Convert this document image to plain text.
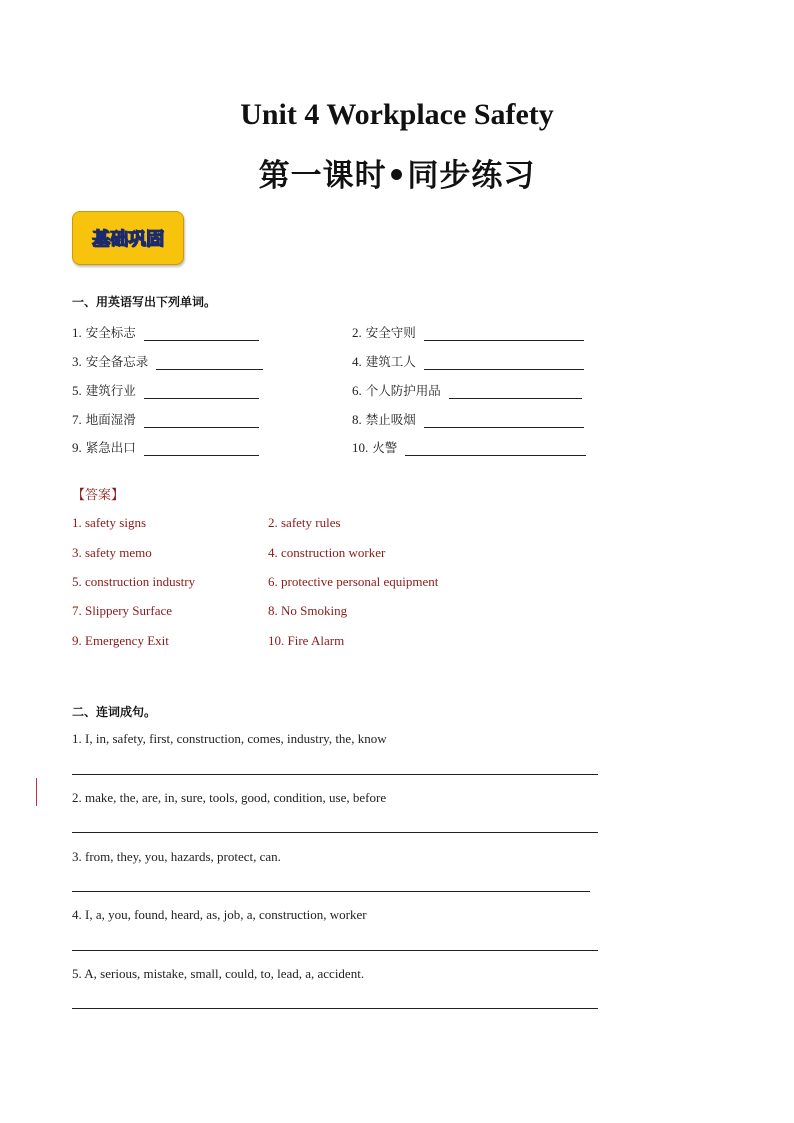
Unit 4 Workplace Safety
第一课时•同步练习
基础巩固
一、用英语写出下列单词。
1. 安全标志	2. 安全守则
3. 安全备忘录	4. 建筑工人
5. 建筑行业	6. 个人防护用品
7. 地面湿滑	8. 禁止吸烟
9. 紧急出口	10. 火警
【答案】
1. safety signs	2. safety rules
3. safety memo	4. construction worker
5. construction industry	6. protective personal equipment
7. Slippery Surface	8. No Smoking
9. Emergency Exit	10. Fire Alarm
二、连词成句。
1. I, in, safety, first, construction, comes, industry, the, know
2. make, the, are, in, sure, tools, good, condition, use, before
3. from, they, you, hazards, protect, can.
4. I, a, you, found, heard, as, job, a, construction, worker
5. A, serious, mistake, small, could, to, lead, a, accident.
